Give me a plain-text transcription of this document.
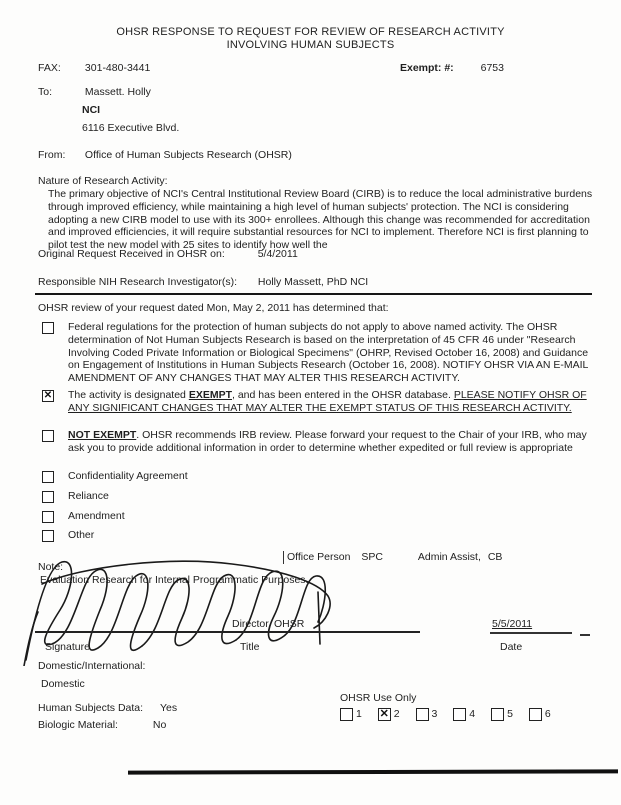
OHSR RESPONSE TO REQUEST FOR REVIEW OF RESEARCH ACTIVITY
INVOLVING HUMAN SUBJECTS
FAX: 301-480-3441	Exempt: #:	6753
To:	Massett. Holly
NCI
6116 Executive Blvd.
From: Office of Human Subjects Research (OHSR)
Nature of Research Activity:
The primary objective of NCI's Central Institutional Review Board (CIRB) is to reduce the local administrative burdens through improved efficiency, while maintaining a high level of human subjects' protection. The NCI is considering adopting a new CIRB model to use with its 300+ enrollees. Although this change was recommended for accreditation and improved efficiencies, it will require substantial resources for NCI to implement. Therefore NCI is first planning to pilot test the new model with 25 sites to identify how well the
Original Request Received in OHSR on:	5/4/2011
Responsible NIH Research Investigator(s): Holly Massett, PhD NCI
OHSR review of your request dated Mon, May 2, 2011 has determined that:
Federal regulations for the protection of human subjects do not apply to above named activity. The OHSR determination of Not Human Subjects Research is based on the interpretation of 45 CFR 46 under "Research Involving Coded Private Information or Biological Specimens" (OHRP, Revised October 16, 2008) and Guidance on Engagement of Institutions in Human Subjects Research (October 16, 2008). NOTIFY OHSR VIA AN E-MAIL AMENDMENT OF ANY CHANGES THAT MAY ALTER THIS RESEARCH ACTIVITY.
✕
The activity is designated EXEMPT, and has been entered in the OHSR database. PLEASE NOTIFY OHSR OF ANY SIGNIFICANT CHANGES THAT MAY ALTER THE EXEMPT STATUS OF THIS RESEARCH ACTIVITY.
NOT EXEMPT. OHSR recommends IRB review. Please forward your request to the Chair of your IRB, who may ask you to provide additional information in order to determine whether expedited or full review is appropriate
Confidentiality Agreement
Reliance
Amendment
Other
Office Person SPC	Admin Assist, CB
Note:
Evaluation Research for Internal Programmatic Purposes.
Director, OHSR	5/5/2011
Signature	Title	Date
Domestic/International:
Domestic
Human Subjects Data: Yes
Biologic Material:	No
OHSR Use Only
1
✕	2
	3
	4
	5
	6
